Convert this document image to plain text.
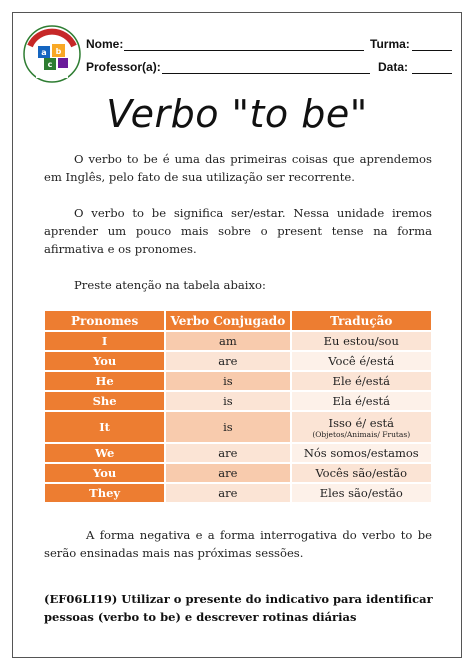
a b
c
Nome:	Turma:
Professor(a):	Data:
Verbo "to be"

O verbo to be é uma das primeiras coisas que aprendemos em Inglês, pelo fato de sua utilização ser recorrente.

O verbo to be significa ser/estar. Nessa unidade iremos aprender um pouco mais sobre o present tense na forma afirmativa e os pronomes.

Preste atenção na tabela abaixo:

Pronomes	Verbo Conjugado	Tradução
I	am	Eu estou/sou
You	are	Você é/está
He	is	Ele é/está
She	is	Ela é/está
It	is	Isso é/ está
(Objetos/Animais/ Frutas)

We	are	Nós somos/estamos
You	are	Vocês são/estão
They	are	Eles são/estão

A forma negativa e a forma interrogativa do verbo to be serão ensinadas mais nas próximas sessões.

(EF06LI19) Utilizar o presente do indicativo para identificar pessoas (verbo to be) e descrever rotinas diárias
